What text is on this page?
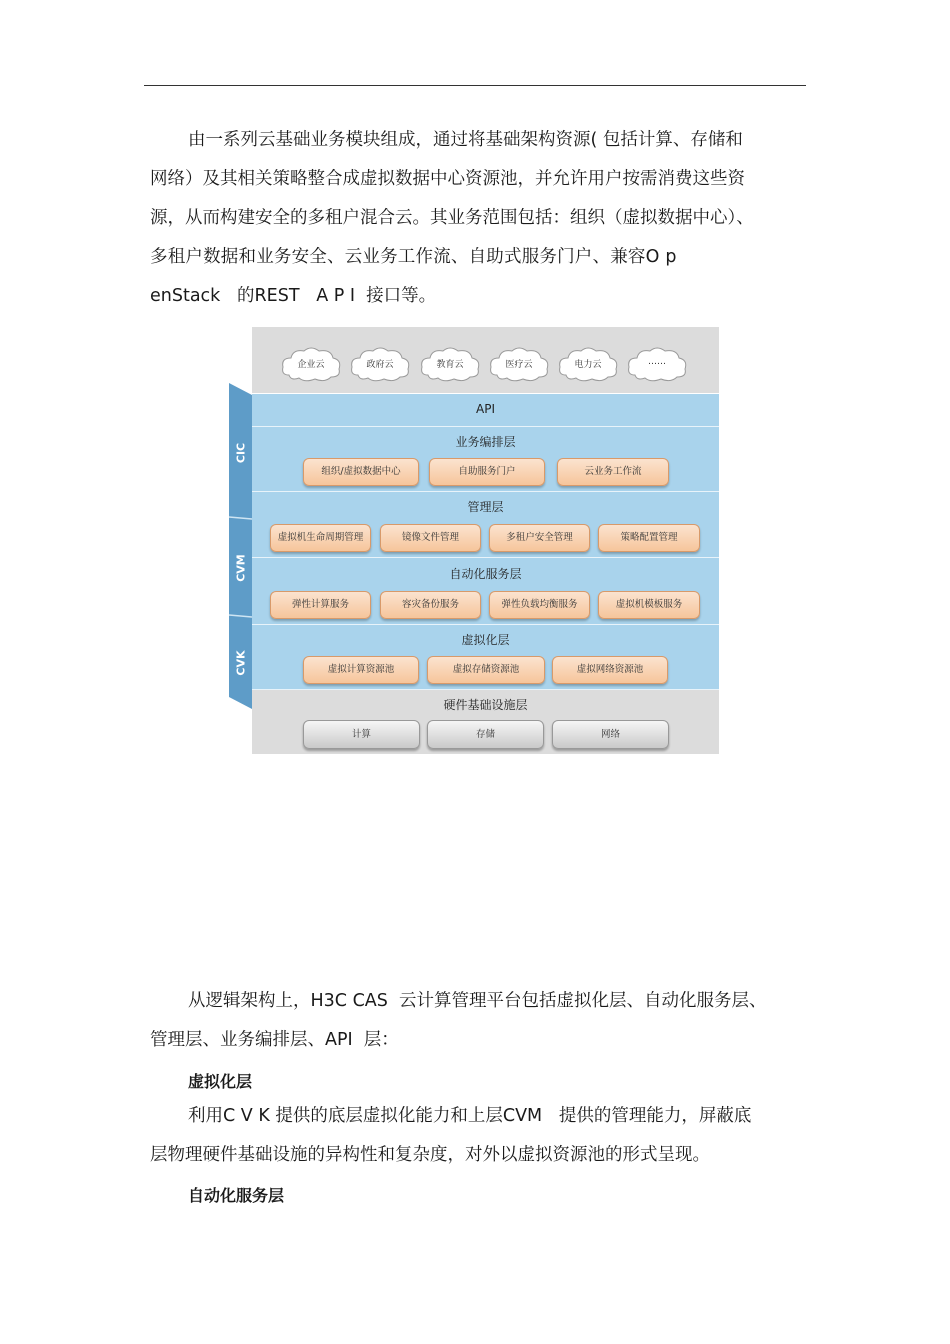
由一系列云基础业务模块组成，通过将基础架构资源( 包括计算、存储和
网络）及其相关策略整合成虚拟数据中心资源池，并允许用户按需消费这些资
源，从而构建安全的多租户混合云。其业务范围包括：组织（虚拟数据中心）、
多租户数据和业务安全、云业务工作流、自助式服务门户、兼容O p
enStack   的REST   A P I  接口等。
企业云	政府云	教育云	医疗云	电力云	……
API
业务编排层
组织/虚拟数据中心	自助服务门户	云业务工作流
管理层
虚拟机生命周期管理	镜像文件管理	多租户安全管理	策略配置管理
自动化服务层
弹性计算服务	容灾备份服务	弹性负载均衡服务	虚拟机模板服务
虚拟化层
虚拟计算资源池	虚拟存储资源池	虚拟网络资源池
硬件基础设施层
计算	存储	网络
CIC
CVM
CVK
从逻辑架构上，H3C CAS  云计算管理平台包括虚拟化层、自动化服务层、
管理层、业务编排层、API  层：
虚拟化层
利用C V K 提供的底层虚拟化能力和上层CVM   提供的管理能力，屏蔽底
层物理硬件基础设施的异构性和复杂度，对外以虚拟资源池的形式呈现。
自动化服务层
